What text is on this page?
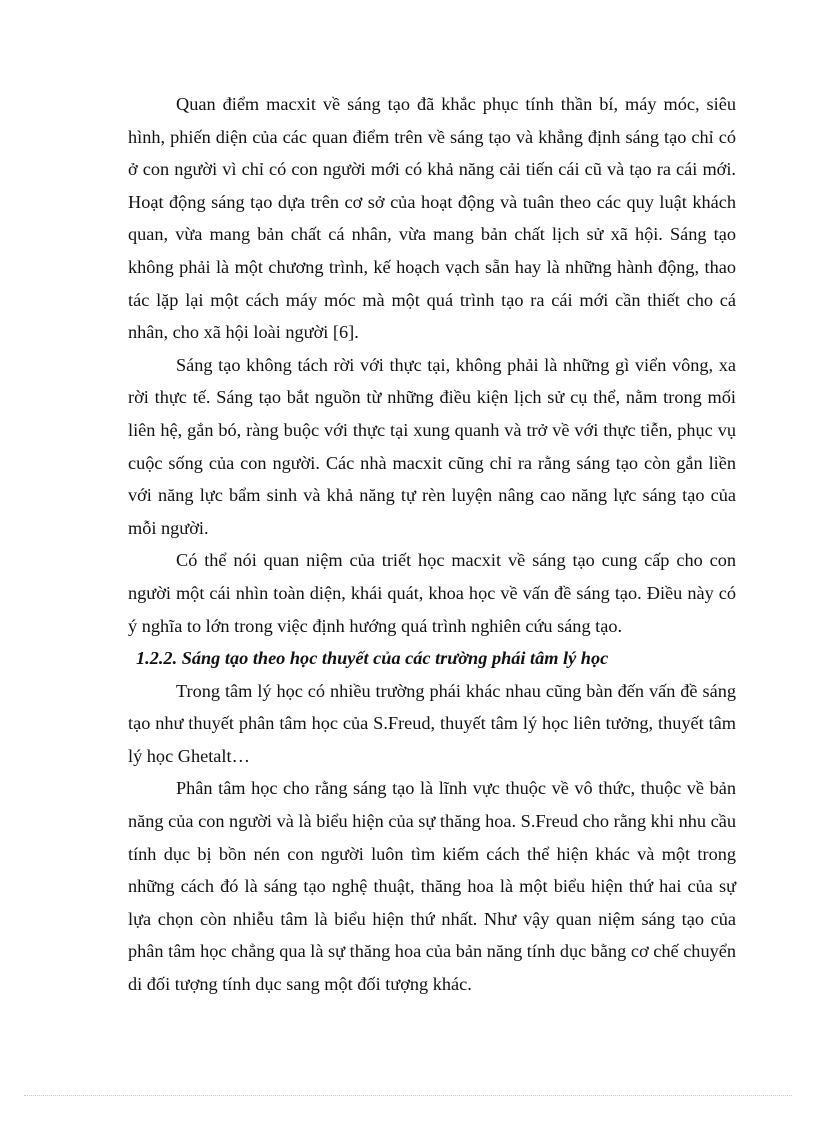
Quan điểm macxit về sáng tạo đã khắc phục tính thần bí, máy móc, siêu hình, phiến diện của các quan điểm trên về sáng tạo và khẳng định sáng tạo chỉ có ở con người vì chỉ có con người mới có khả năng cải tiến cái cũ và tạo ra cái mới. Hoạt động sáng tạo dựa trên cơ sở của hoạt động và tuân theo các quy luật khách quan, vừa mang bản chất cá nhân, vừa mang bản chất lịch sử xã hội. Sáng tạo không phải là một chương trình, kế hoạch vạch sẵn hay là những hành động, thao tác lặp lại một cách máy móc mà một quá trình tạo ra cái mới cần thiết cho cá nhân, cho xã hội loài người [6].

Sáng tạo không tách rời với thực tại, không phải là những gì viển vông, xa rời thực tế. Sáng tạo bắt nguồn từ những điều kiện lịch sử cụ thể, nằm trong mối liên hệ, gắn bó, ràng buộc với thực tại xung quanh và trở về với thực tiễn, phục vụ cuộc sống của con người. Các nhà macxit cũng chỉ ra rằng sáng tạo còn gắn liền với năng lực bẩm sinh và khả năng tự rèn luyện nâng cao năng lực sáng tạo của mỗi người.

Có thể nói quan niệm của triết học macxit về sáng tạo cung cấp cho con người một cái nhìn toàn diện, khái quát, khoa học về vấn đề sáng tạo. Điều này có ý nghĩa to lớn trong việc định hướng quá trình nghiên cứu sáng tạo.

1.2.2. Sáng tạo theo học thuyết của các trường phái tâm lý học

Trong tâm lý học có nhiều trường phái khác nhau cũng bàn đến vấn đề sáng tạo như thuyết phân tâm học của S.Freud, thuyết tâm lý học liên tưởng, thuyết tâm lý học Ghetalt…

Phân tâm học cho rằng sáng tạo là lĩnh vực thuộc về vô thức, thuộc về bản năng của con người và là biểu hiện của sự thăng hoa. S.Freud cho rằng khi nhu cầu tính dục bị bồn nén con người luôn tìm kiếm cách thể hiện khác và một trong những cách đó là sáng tạo nghệ thuật, thăng hoa là một biểu hiện thứ hai của sự lựa chọn còn nhiễu tâm là biểu hiện thứ nhất. Như vậy quan niệm sáng tạo của phân tâm học chẳng qua là sự thăng hoa của bản năng tính dục bằng cơ chế chuyển di đối tượng tính dục sang một đối tượng khác.
